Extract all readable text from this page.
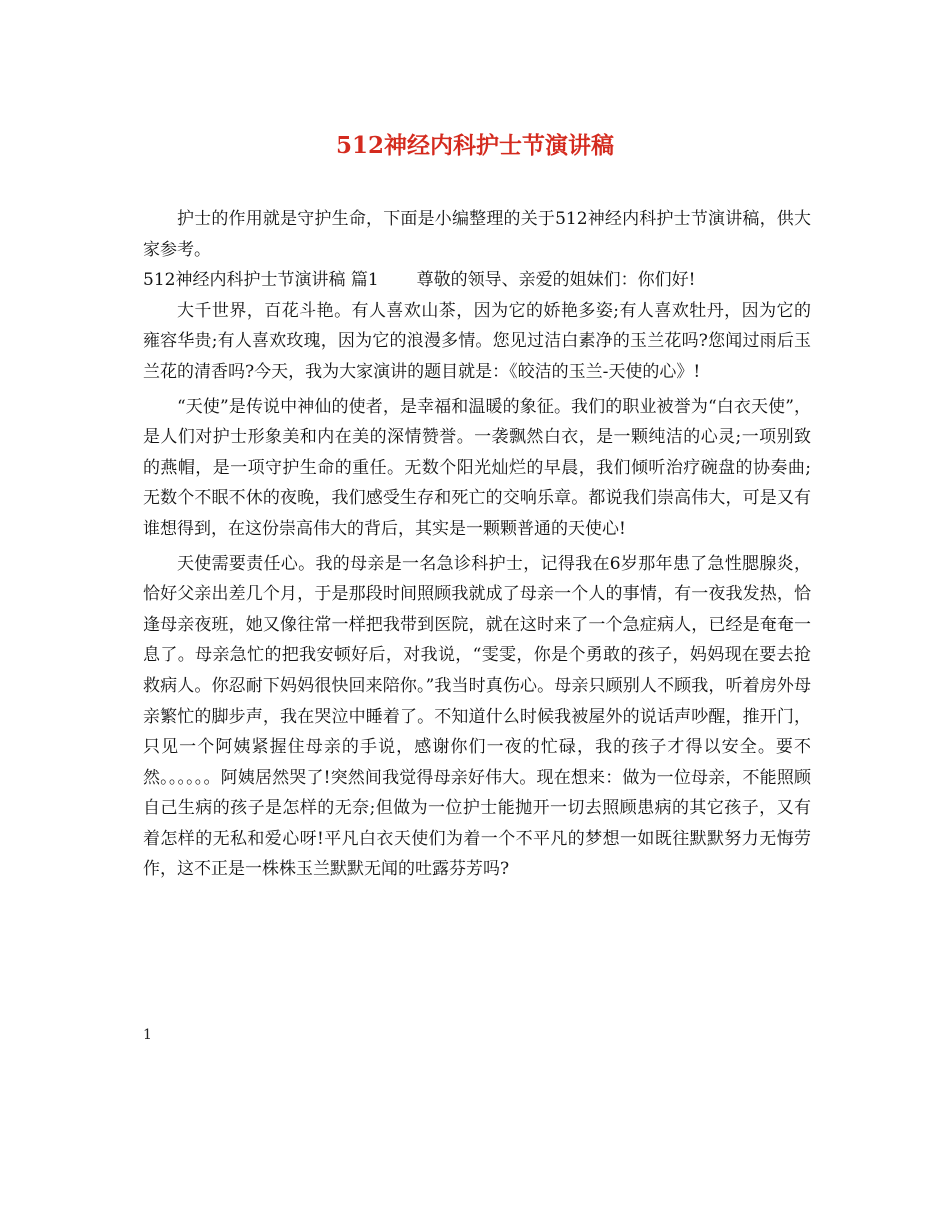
512神经内科护士节演讲稿

护士的作用就是守护生命，下面是小编整理的关于512神经内科护士节演讲稿，供大家参考。

512神经内科护士节演讲稿 篇1 尊敬的领导、亲爱的姐妹们：你们好!

大千世界，百花斗艳。有人喜欢山茶，因为它的娇艳多姿;有人喜欢牡丹，因为它的雍容华贵;有人喜欢玫瑰，因为它的浪漫多情。您见过洁白素净的玉兰花吗?您闻过雨后玉兰花的清香吗?今天，我为大家演讲的题目就是：《皎洁的玉兰-天使的心》!

“天使”是传说中神仙的使者，是幸福和温暖的象征。我们的职业被誉为“白衣天使”，是人们对护士形象美和内在美的深情赞誉。一袭飘然白衣，是一颗纯洁的心灵;一项别致的燕帽，是一项守护生命的重任。无数个阳光灿烂的早晨，我们倾听治疗碗盘的协奏曲;无数个不眠不休的夜晚，我们感受生存和死亡的交响乐章。都说我们崇高伟大，可是又有谁想得到，在这份崇高伟大的背后，其实是一颗颗普通的天使心!

天使需要责任心。我的母亲是一名急诊科护士，记得我在6岁那年患了急性腮腺炎，恰好父亲出差几个月，于是那段时间照顾我就成了母亲一个人的事情，有一夜我发热，恰逢母亲夜班，她又像往常一样把我带到医院，就在这时来了一个急症病人，已经是奄奄一息了。母亲急忙的把我安顿好后，对我说，“雯雯，你是个勇敢的孩子，妈妈现在要去抢救病人。你忍耐下妈妈很快回来陪你。”我当时真伤心。母亲只顾别人不顾我，听着房外母亲繁忙的脚步声，我在哭泣中睡着了。不知道什么时候我被屋外的说话声吵醒，推开门，只见一个阿姨紧握住母亲的手说，感谢你们一夜的忙碌，我的孩子才得以安全。要不然。。。。。。阿姨居然哭了!突然间我觉得母亲好伟大。现在想来：做为一位母亲，不能照顾自己生病的孩子是怎样的无奈;但做为一位护士能抛开一切去照顾患病的其它孩子，又有着怎样的无私和爱心呀!平凡白衣天使们为着一个不平凡的梦想一如既往默默努力无悔劳作，这不正是一株株玉兰默默无闻的吐露芬芳吗?

1
